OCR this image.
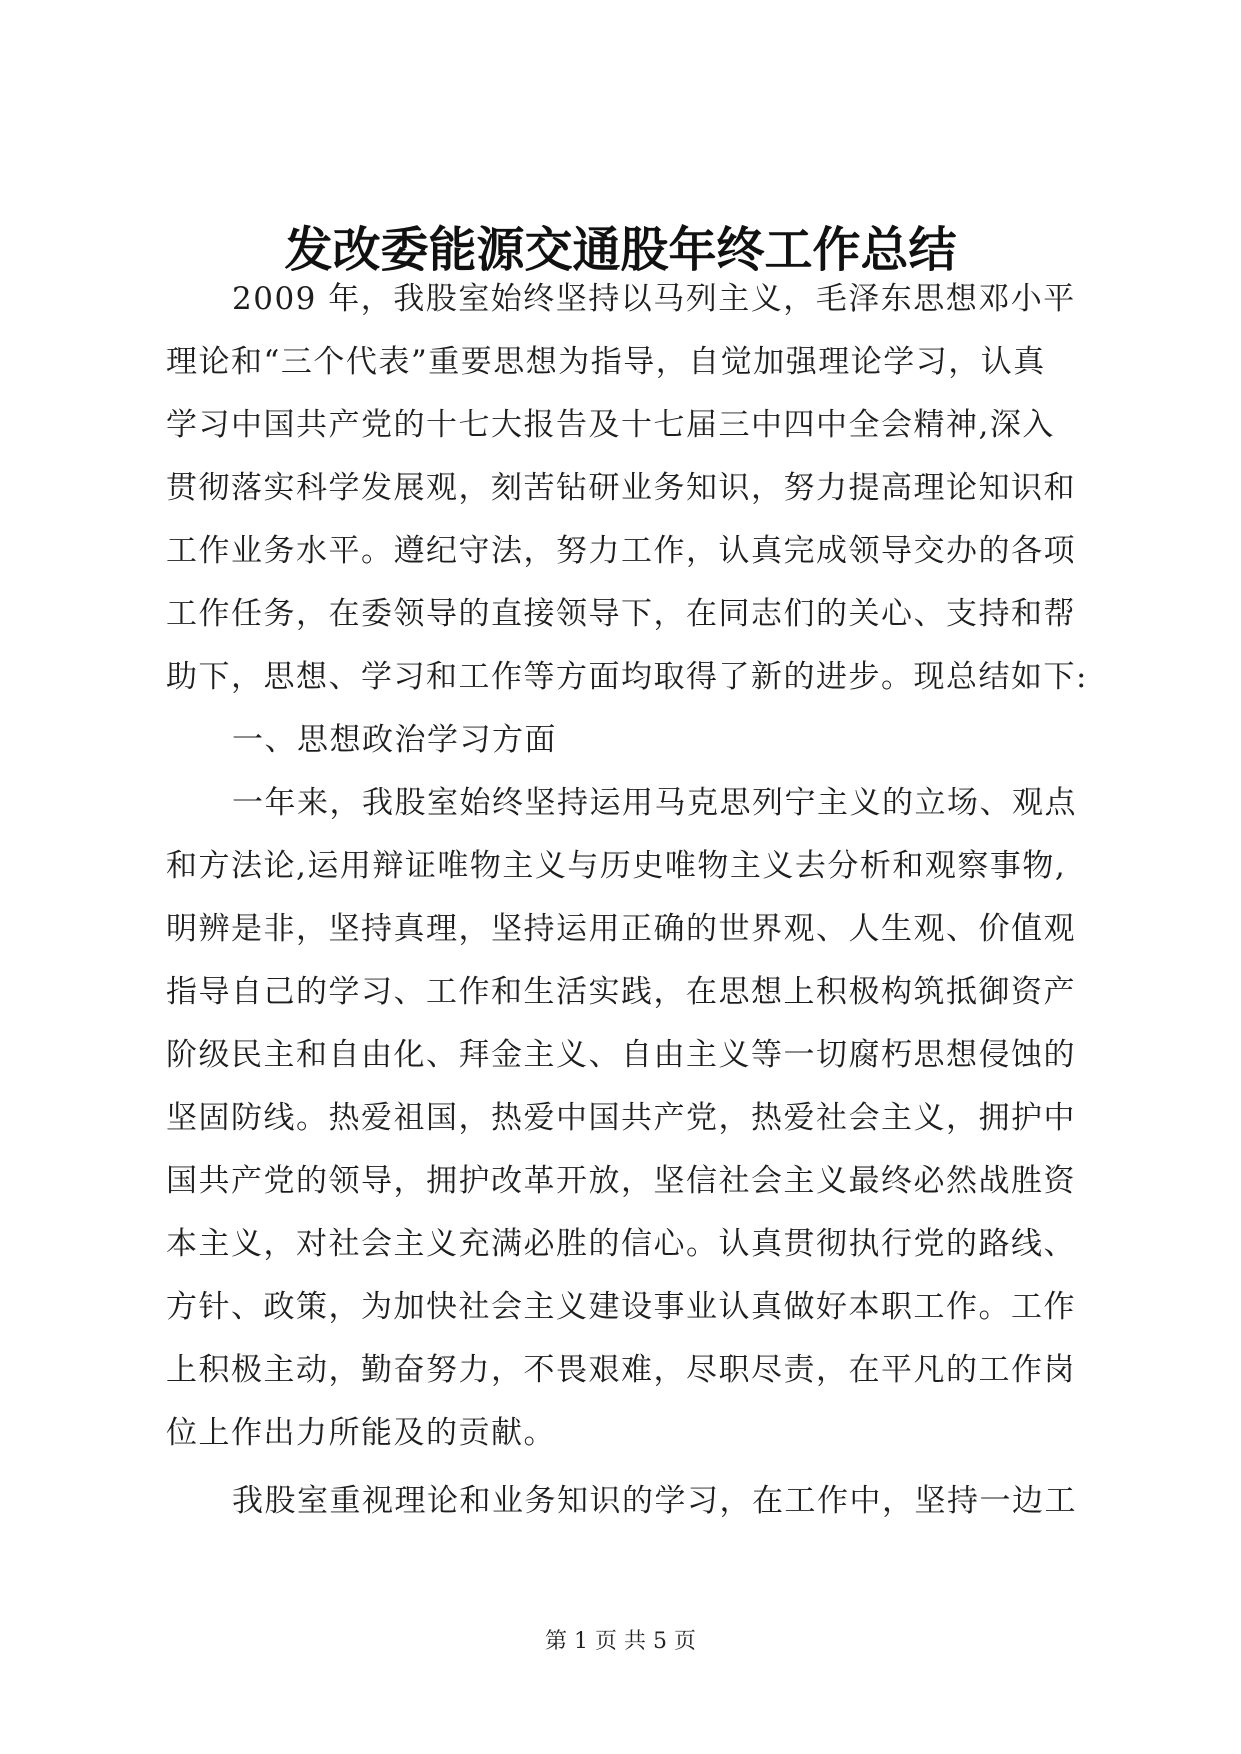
发改委能源交通股年终工作总结

2009 年，我股室始终坚持以马列主义，毛泽东思想邓小平
理论和“三个代表”重要思想为指导，自觉加强理论学习，认真
学习中国共产党的十七大报告及十七届三中四中全会精神,深入
贯彻落实科学发展观，刻苦钻研业务知识，努力提高理论知识和
工作业务水平。遵纪守法，努力工作，认真完成领导交办的各项
工作任务，在委领导的直接领导下，在同志们的关心、支持和帮
助下，思想、学习和工作等方面均取得了新的进步。现总结如下:

一、思想政治学习方面

一年来，我股室始终坚持运用马克思列宁主义的立场、观点
和方法论,运用辩证唯物主义与历史唯物主义去分析和观察事物,
明辨是非，坚持真理，坚持运用正确的世界观、人生观、价值观
指导自己的学习、工作和生活实践，在思想上积极构筑抵御资产
阶级民主和自由化、拜金主义、自由主义等一切腐朽思想侵蚀的
坚固防线。热爱祖国，热爱中国共产党，热爱社会主义，拥护中
国共产党的领导，拥护改革开放，坚信社会主义最终必然战胜资
本主义，对社会主义充满必胜的信心。认真贯彻执行党的路线、
方针、政策，为加快社会主义建设事业认真做好本职工作。工作
上积极主动，勤奋努力，不畏艰难，尽职尽责，在平凡的工作岗
位上作出力所能及的贡献。

我股室重视理论和业务知识的学习，在工作中，坚持一边工

第 1 页 共 5 页
